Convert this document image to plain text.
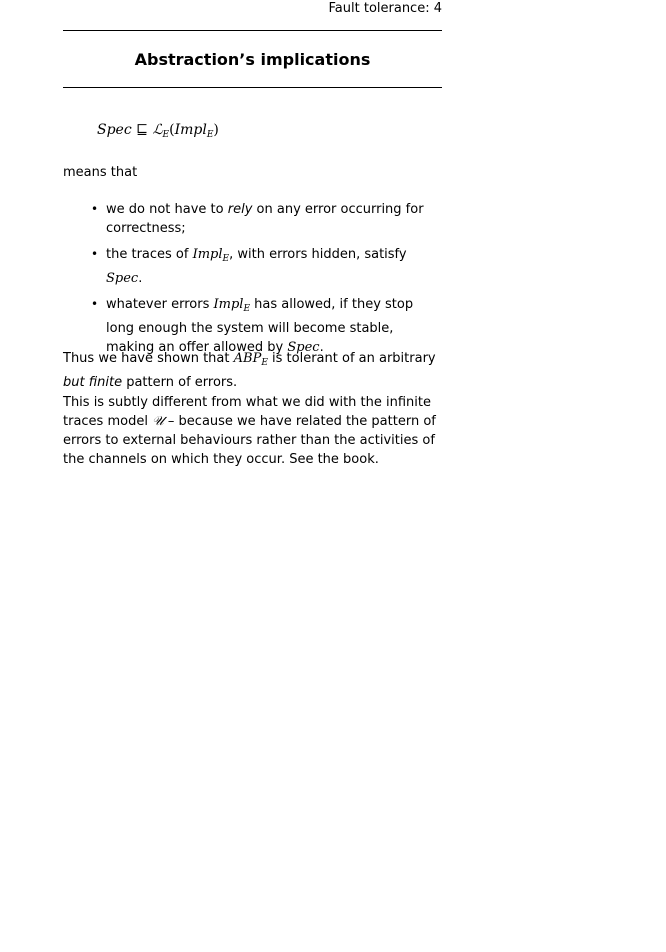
Fault tolerance: 4
Abstraction’s implications
Spec ⊑ ℒ$_E$(Impl$_E$)
means that
• we do not have to rely on any error occurring for correctness;
• the traces of Impl$_E$, with errors hidden, satisfy Spec.
• whatever errors Impl$_E$ has allowed, if they stop long enough the system will become stable, making an offer allowed by Spec.
Thus we have shown that $ABP_E$ is tolerant of an arbitrary but finite pattern of errors.
This is subtly different from what we did with the infinite traces model 𝒰 – because we have related the pattern of errors to external behaviours rather than the activities of the channels on which they occur. See the book.
